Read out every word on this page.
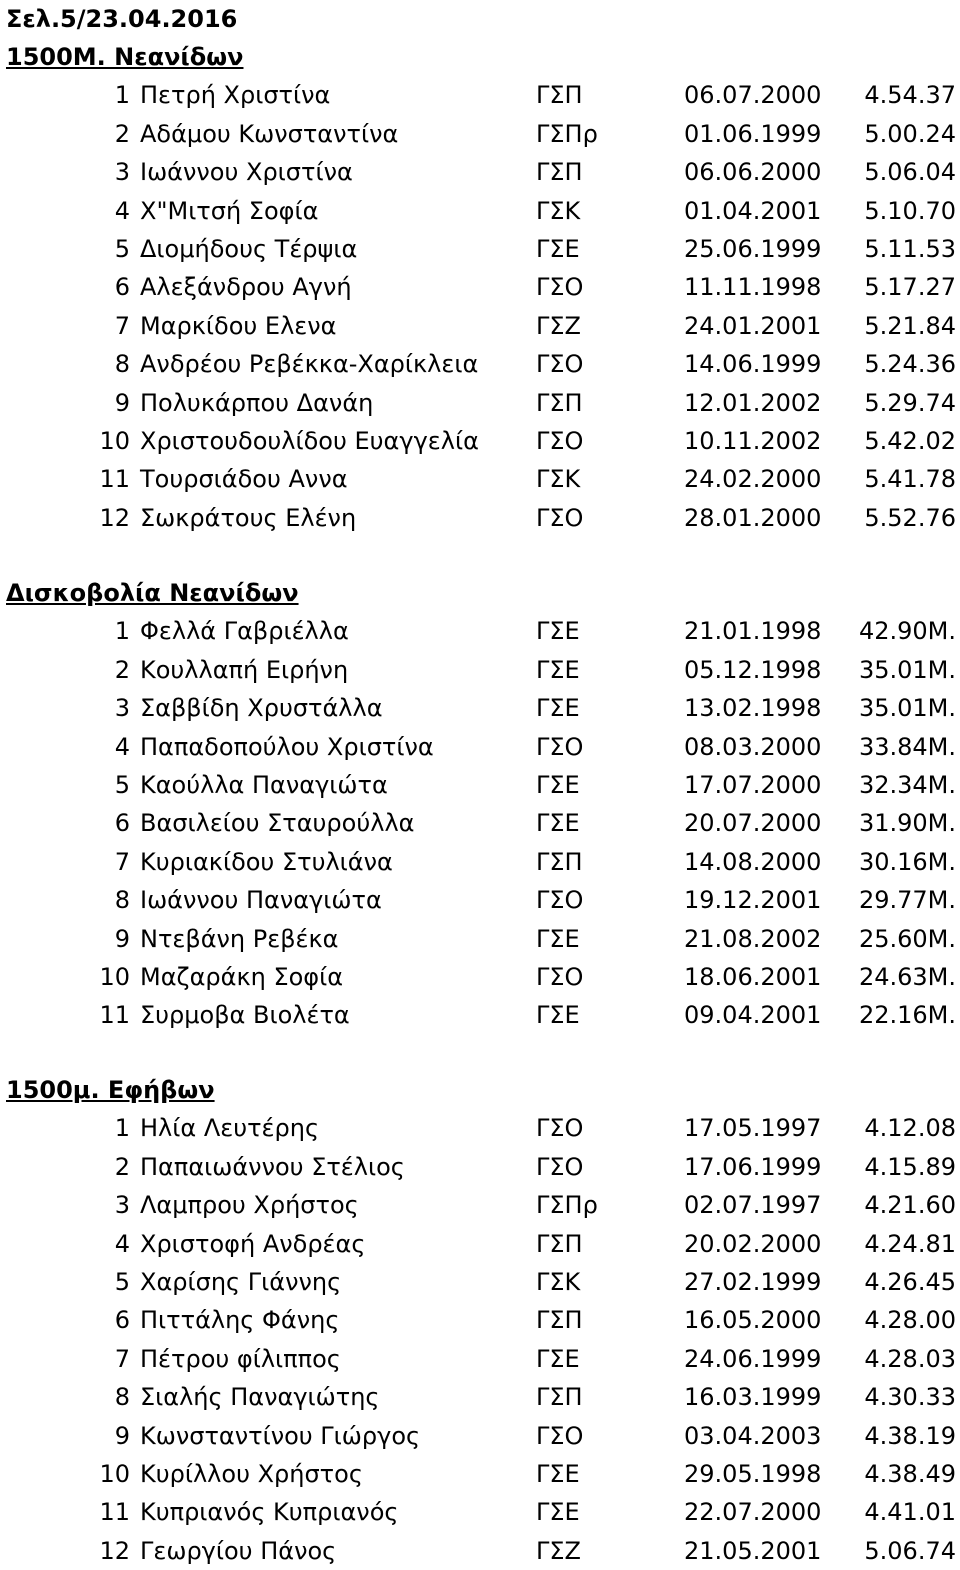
Σελ.5/23.04.2016
1500Μ. Νεανίδων
1 Πετρή Χριστίνα	ΓΣΠ	06.07.2000 4.54.37
2 Αδάμου Κωνσταντίνα	ΓΣΠρ	01.06.1999 5.00.24
3 Ιωάννου Χριστίνα	ΓΣΠ	06.06.2000 5.06.04
4 Χ"Μιτσή Σοφία	ΓΣΚ	01.04.2001 5.10.70
5 Διομήδους Τέρψια	ΓΣΕ	25.06.1999 5.11.53
6 Αλεξάνδρου Αγνή	ΓΣΟ	11.11.1998 5.17.27
7 Μαρκίδου Ελενα	ΓΣΖ	24.01.2001 5.21.84
8 Ανδρέου Ρεβέκκα-Χαρίκλεια ΓΣΟ	14.06.1999 5.24.36
9 Πολυκάρπου Δανάη	ΓΣΠ	12.01.2002 5.29.74
10 Χριστουδουλίδου Ευαγγελία ΓΣΟ	10.11.2002 5.42.02
11 Τουρσιάδου Αννα	ΓΣΚ	24.02.2000 5.41.78
12 Σωκράτους Ελένη	ΓΣΟ	28.01.2000 5.52.76
Δισκοβολία Νεανίδων
1 Φελλά Γαβριέλλα	ΓΣΕ	21.01.1998 42.90Μ.
2 Κουλλαπή Ειρήνη	ΓΣΕ	05.12.1998 35.01Μ.
3 Σαββίδη Χρυστάλλα	ΓΣΕ	13.02.1998 35.01Μ.
4 Παπαδοπούλου Χριστίνα	ΓΣΟ	08.03.2000 33.84Μ.
5 Καούλλα Παναγιώτα	ΓΣΕ	17.07.2000 32.34Μ.
6 Βασιλείου Σταυρούλλα	ΓΣΕ	20.07.2000 31.90Μ.
7 Κυριακίδου Στυλιάνα	ΓΣΠ	14.08.2000 30.16Μ.
8 Ιωάννου Παναγιώτα	ΓΣΟ	19.12.2001 29.77Μ.
9 Ντεβάνη Ρεβέκα	ΓΣΕ	21.08.2002 25.60Μ.
10 Μαζαράκη Σοφία	ΓΣΟ	18.06.2001 24.63Μ.
11 Συρμοβα Βιολέτα	ΓΣΕ	09.04.2001 22.16Μ.
1500μ. Εφήβων
1 Ηλία Λευτέρης	ΓΣΟ	17.05.1997 4.12.08
2 Παπαιωάννου Στέλιος	ΓΣΟ	17.06.1999 4.15.89
3 Λαμπρου Χρήστος	ΓΣΠρ	02.07.1997 4.21.60
4 Χριστοφή Ανδρέας	ΓΣΠ	20.02.2000 4.24.81
5 Χαρίσης Γιάννης	ΓΣΚ	27.02.1999 4.26.45
6 Πιττάλης Φάνης	ΓΣΠ	16.05.2000 4.28.00
7 Πέτρου φίλιππος	ΓΣΕ	24.06.1999 4.28.03
8 Σιαλής Παναγιώτης	ΓΣΠ	16.03.1999 4.30.33
9 Κωνσταντίνου Γιώργος	ΓΣΟ	03.04.2003 4.38.19
10 Κυρίλλου Χρήστος	ΓΣΕ	29.05.1998 4.38.49
11 Κυπριανός Κυπριανός	ΓΣΕ	22.07.2000 4.41.01
12 Γεωργίου Πάνος	ΓΣΖ	21.05.2001 5.06.74
